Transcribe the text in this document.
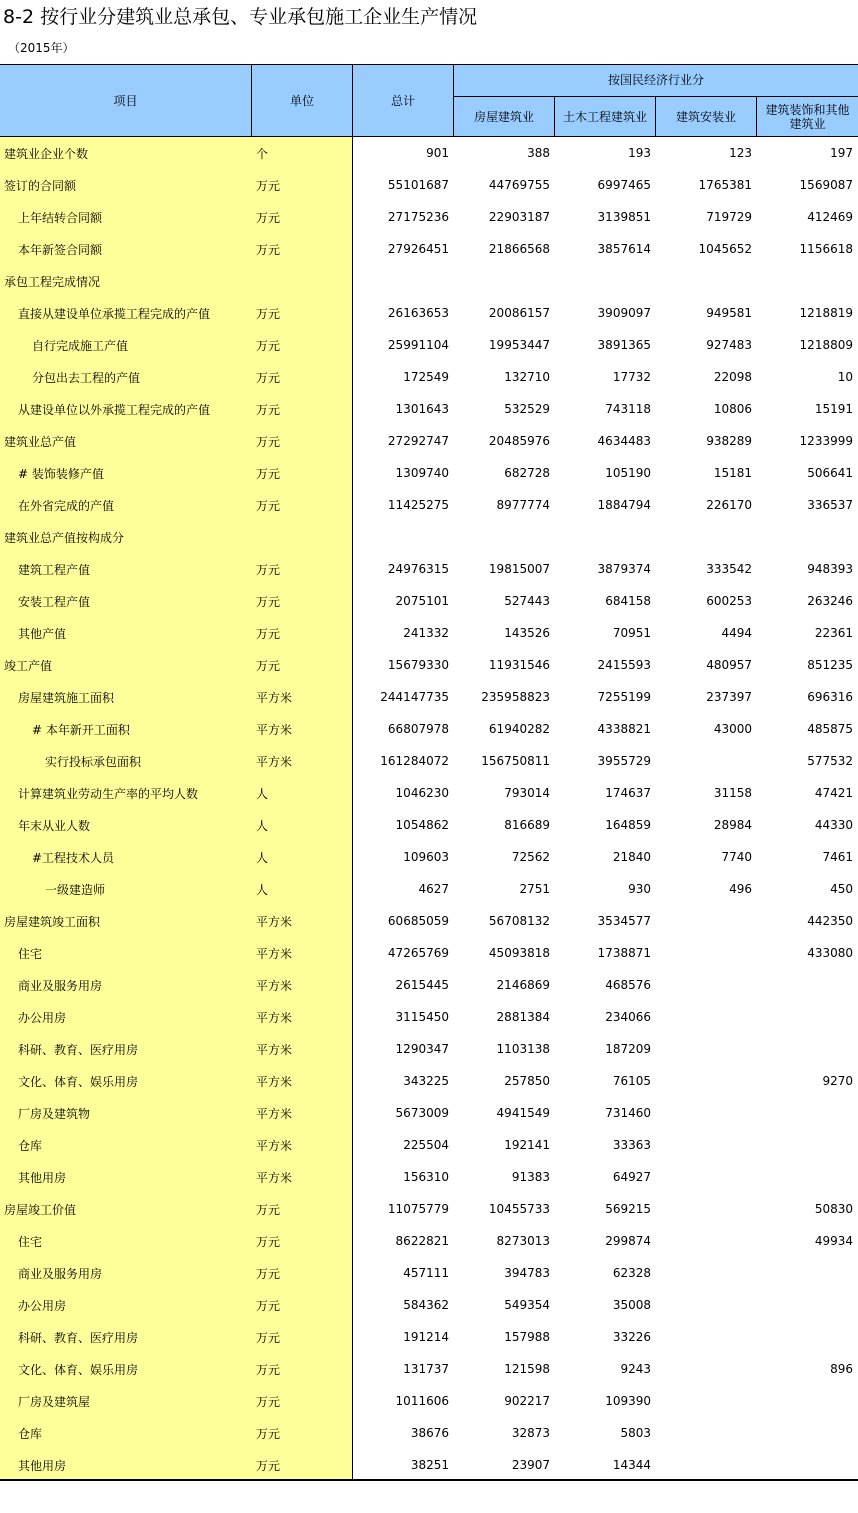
8-2 按行业分建筑业总承包、专业承包施工企业生产情况
（2015年）
项目	单位	总计
按国民经济行业分
房屋建筑业	土木工程建筑业	建筑安装业	建筑装饰和其他建筑业
建筑业企业个数	个	901	388	193	123	197
签订的合同额	万元	55101687	44769755	6997465	1765381	1569087
上年结转合同额	万元	27175236	22903187	3139851	719729	412469
本年新签合同额	万元	27926451	21866568	3857614	1045652	1156618
承包工程完成情况						
直接从建设单位承揽工程完成的产值	万元	26163653	20086157	3909097	949581	1218819
自行完成施工产值	万元	25991104	19953447	3891365	927483	1218809
分包出去工程的产值	万元	172549	132710	17732	22098	10
从建设单位以外承揽工程完成的产值	万元	1301643	532529	743118	10806	15191
建筑业总产值	万元	27292747	20485976	4634483	938289	1233999
# 装饰装修产值	万元	1309740	682728	105190	15181	506641
在外省完成的产值	万元	11425275	8977774	1884794	226170	336537
建筑业总产值按构成分						
建筑工程产值	万元	24976315	19815007	3879374	333542	948393
安装工程产值	万元	2075101	527443	684158	600253	263246
其他产值	万元	241332	143526	70951	4494	22361
竣工产值	万元	15679330	11931546	2415593	480957	851235
房屋建筑施工面积	平方米	244147735	235958823	7255199	237397	696316
# 本年新开工面积	平方米	66807978	61940282	4338821	43000	485875
实行投标承包面积	平方米	161284072	156750811	3955729		577532
计算建筑业劳动生产率的平均人数	人	1046230	793014	174637	31158	47421
年末从业人数	人	1054862	816689	164859	28984	44330
#工程技术人员	人	109603	72562	21840	7740	7461
一级建造师	人	4627	2751	930	496	450
房屋建筑竣工面积	平方米	60685059	56708132	3534577		442350
住宅	平方米	47265769	45093818	1738871		433080
商业及服务用房	平方米	2615445	2146869	468576		
办公用房	平方米	3115450	2881384	234066		
科研、教育、医疗用房	平方米	1290347	1103138	187209		
文化、体育、娱乐用房	平方米	343225	257850	76105		9270
厂房及建筑物	平方米	5673009	4941549	731460		
仓库	平方米	225504	192141	33363		
其他用房	平方米	156310	91383	64927		
房屋竣工价值	万元	11075779	10455733	569215		50830
住宅	万元	8622821	8273013	299874		49934
商业及服务用房	万元	457111	394783	62328		
办公用房	万元	584362	549354	35008		
科研、教育、医疗用房	万元	191214	157988	33226		
文化、体育、娱乐用房	万元	131737	121598	9243		896
厂房及建筑屋	万元	1011606	902217	109390		
仓库	万元	38676	32873	5803		
其他用房	万元	38251	23907	14344		
